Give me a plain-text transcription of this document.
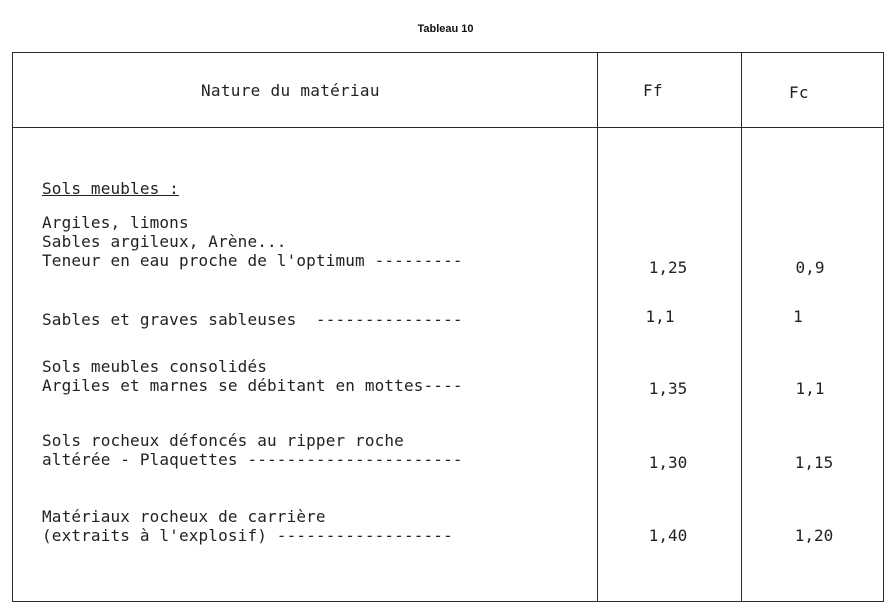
Tableau 10
Nature du matériau	Ff	Fc
Sols meubles :
Argiles, limons
Sables argileux, Arène...
Teneur en eau proche de l'optimum ---------	1,25	0,9
Sables et graves sableuses  ---------------	1,1	1
Sols meubles consolidés
Argiles et marnes se débitant en mottes----	1,35	1,1
Sols rocheux défoncés au ripper roche
altérée - Plaquettes ----------------------	1,30	1,15
Matériaux rocheux de carrière
(extraits à l'explosif) ------------------	1,40	1,20
